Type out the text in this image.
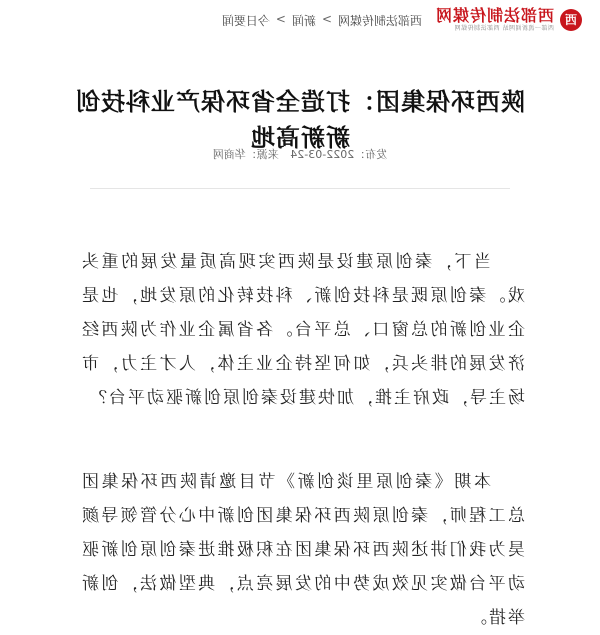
西
西部法制传媒网
西部一流新闻网站 西部法制传媒网
西部法制传媒网
>
新闻
>
今日要闻
陕西环保集团：打造全省环保产业科技创新新高地
发布：2022-03-24 来源：华商网

当下，秦创原建设是陕西实现高质量发展的重头戏。秦创原既是科技创新、科技转化的原发地，也是企业创新的总窗口、总平台。各省属企业作为陕西经济发展的排头兵，如何坚持企业主体，人才主力，市场主导，政府主推，加快建设秦创原创新驱动平台？

本期《秦创原里谈创新》节目邀请陕西环保集团总工程师，秦创原陕西环保集团创新中心分管领导颜昊为我们讲述陕西环保集团在积极推进秦创原创新驱动平台做实见效成势中的发展亮点，典型做法，创新举措。
